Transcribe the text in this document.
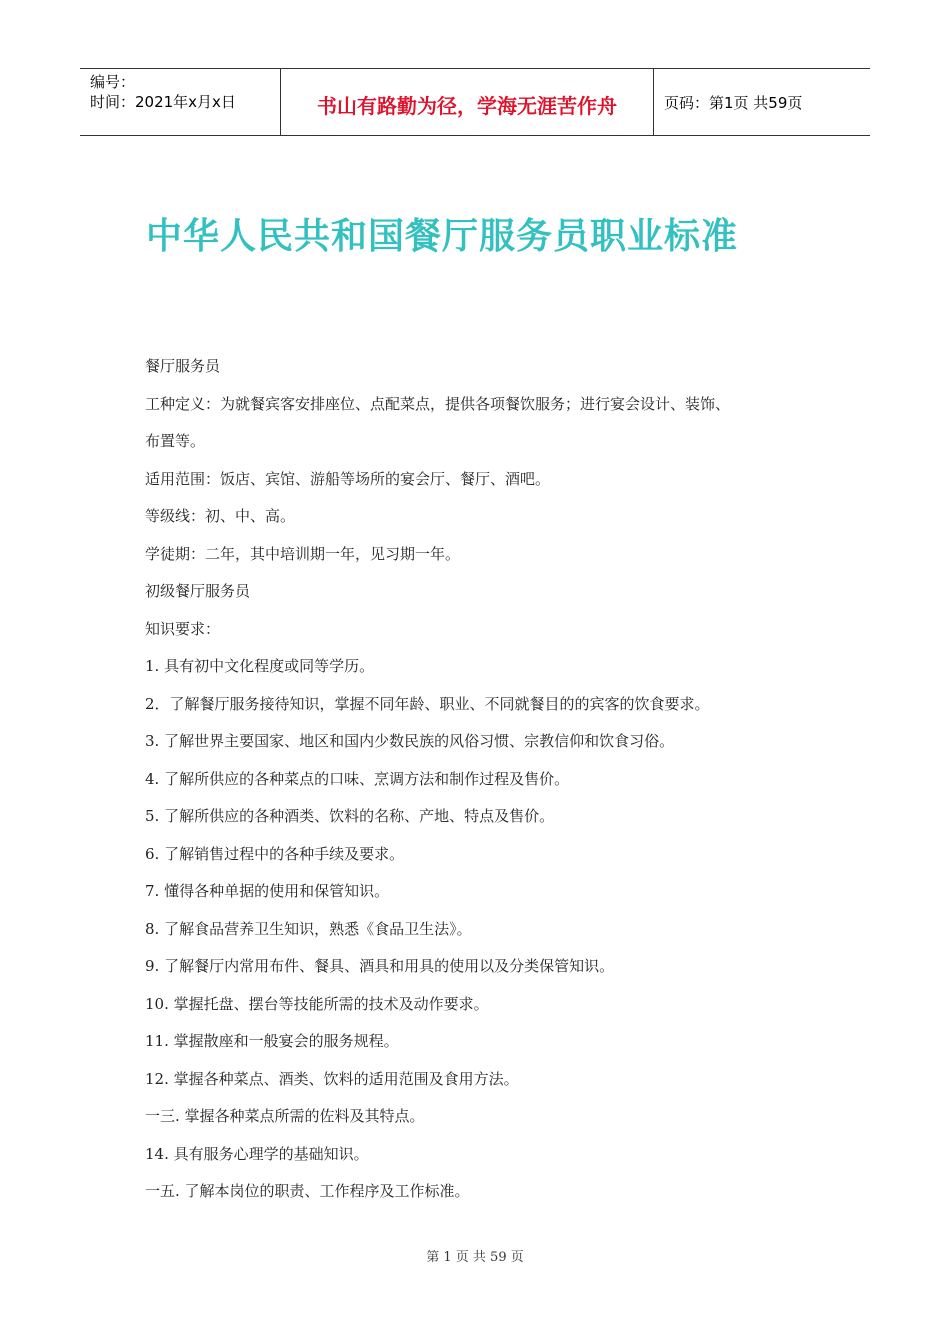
编号：
时间：2021年x月x日	书山有路勤为径，学海无涯苦作舟	页码：第1页 共59页
中华人民共和国餐厅服务员职业标准
餐厅服务员
工种定义：为就餐宾客安排座位、点配菜点，提供各项餐饮服务；进行宴会设计、装饰、
布置等。
适用范围：饭店、宾馆、游船等场所的宴会厅、餐厅、酒吧。
等级线：初、中、高。
学徒期：二年，其中培训期一年，见习期一年。
初级餐厅服务员
知识要求：
1. 具有初中文化程度或同等学历。
2．了解餐厅服务接待知识，掌握不同年龄、职业、不同就餐目的的宾客的饮食要求。
3. 了解世界主要国家、地区和国内少数民族的风俗习惯、宗教信仰和饮食习俗。
4. 了解所供应的各种菜点的口味、烹调方法和制作过程及售价。
5. 了解所供应的各种酒类、饮料的名称、产地、特点及售价。
6. 了解销售过程中的各种手续及要求。
7. 懂得各种单据的使用和保管知识。
8. 了解食品营养卫生知识，熟悉《食品卫生法》。
9. 了解餐厅内常用布件、餐具、酒具和用具的使用以及分类保管知识。
10. 掌握托盘、摆台等技能所需的技术及动作要求。
11. 掌握散座和一般宴会的服务规程。
12. 掌握各种菜点、酒类、饮料的适用范围及食用方法。
一三. 掌握各种菜点所需的佐料及其特点。
14. 具有服务心理学的基础知识。
一五. 了解本岗位的职责、工作程序及工作标准。
第 1 页 共 59 页
